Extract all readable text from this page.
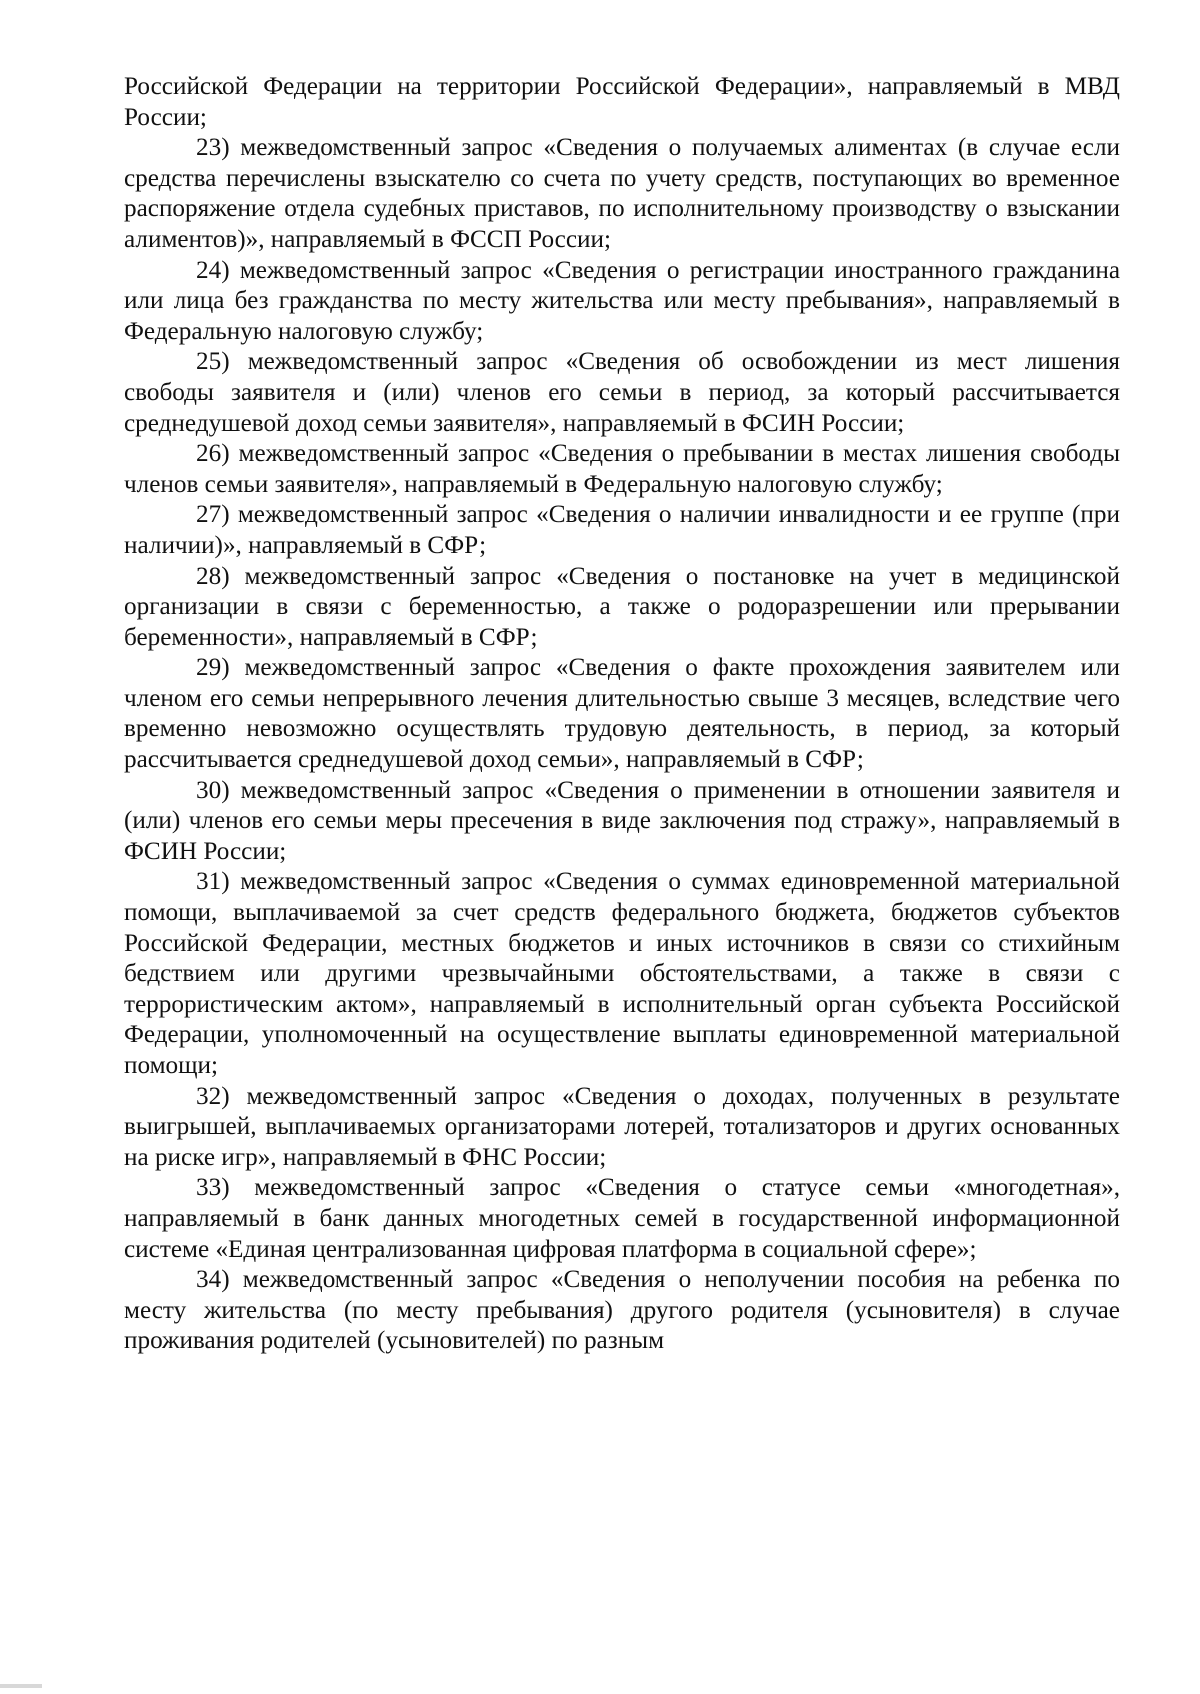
Российской Федерации на территории Российской Федерации», направляемый в МВД России;

23) межведомственный запрос «Сведения о получаемых алиментах (в случае если средства перечислены взыскателю со счета по учету средств, поступающих во временное распоряжение отдела судебных приставов, по исполнительному производству о взыскании алиментов)», направляемый в ФССП России;

24) межведомственный запрос «Сведения о регистрации иностранного гражданина или лица без гражданства по месту жительства или месту пребывания», направляемый в Федеральную налоговую службу;

25) межведомственный запрос «Сведения об освобождении из мест лишения свободы заявителя и (или) членов его семьи в период, за который рассчитывается среднедушевой доход семьи заявителя», направляемый в ФСИН России;

26) межведомственный запрос «Сведения о пребывании в местах лишения свободы членов семьи заявителя», направляемый в Федеральную налоговую службу;

27) межведомственный запрос «Сведения о наличии инвалидности и ее группе (при наличии)», направляемый в СФР;

28) межведомственный запрос «Сведения о постановке на учет в медицинской организации в связи с беременностью, а также о родоразрешении или прерывании беременности», направляемый в СФР;

29) межведомственный запрос «Сведения о факте прохождения заявителем или членом его семьи непрерывного лечения длительностью свыше 3 месяцев, вследствие чего временно невозможно осуществлять трудовую деятельность, в период, за который рассчитывается среднедушевой доход семьи», направляемый в СФР;

30) межведомственный запрос «Сведения о применении в отношении заявителя и (или) членов его семьи меры пресечения в виде заключения под стражу», направляемый в ФСИН России;

31) межведомственный запрос «Сведения о суммах единовременной материальной помощи, выплачиваемой за счет средств федерального бюджета, бюджетов субъектов Российской Федерации, местных бюджетов и иных источников в связи со стихийным бедствием или другими чрезвычайными обстоятельствами, а также в связи с террористическим актом», направляемый в исполнительный орган субъекта Российской Федерации, уполномоченный на осуществление выплаты единовременной материальной помощи;

32) межведомственный запрос «Сведения о доходах, полученных в результате выигрышей, выплачиваемых организаторами лотерей, тотализаторов и других основанных на риске игр», направляемый в ФНС России;

33) межведомственный запрос «Сведения о статусе семьи «многодетная», направляемый в банк данных многодетных семей в государственной информационной системе «Единая централизованная цифровая платформа в социальной сфере»;

34) межведомственный запрос «Сведения о неполучении пособия на ребенка по месту жительства (по месту пребывания) другого родителя (усыновителя) в случае проживания родителей (усыновителей) по разным
